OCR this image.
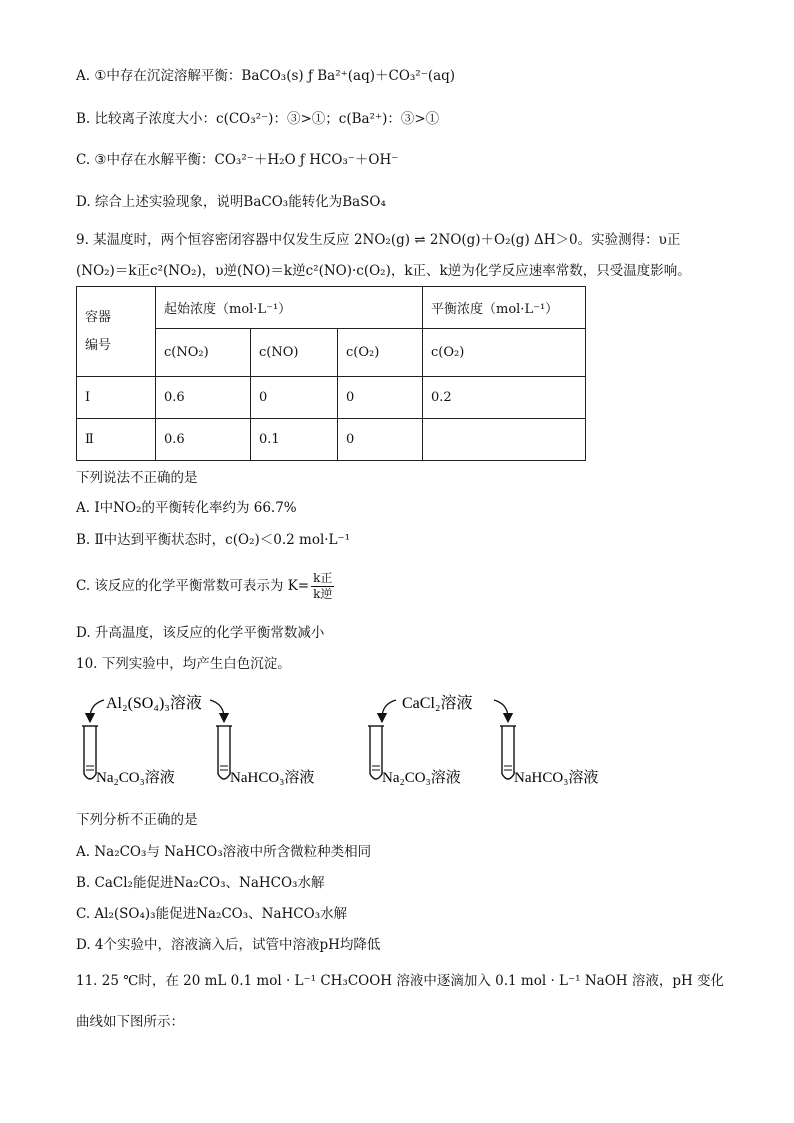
A. ①中存在沉淀溶解平衡：BaCO₃(s) ƒ Ba²⁺(aq)＋CO₃²⁻(aq)
B. 比较离子浓度大小：c(CO₃²⁻)：③>①；c(Ba²⁺)：③>①
C. ③中存在水解平衡：CO₃²⁻＋H₂O ƒ HCO₃⁻＋OH⁻
D. 综合上述实验现象，说明BaCO₃能转化为BaSO₄
9. 某温度时，两个恒容密闭容器中仅发生反应 2NO₂(g) ⇌ 2NO(g)＋O₂(g) ΔH＞0。实验测得：υ正
(NO₂)＝k正c²(NO₂)，υ逆(NO)＝k逆c²(NO)·c(O₂)，k正、k逆为化学反应速率常数，只受温度影响。
容器
编号	起始浓度（mol·L⁻¹）			平衡浓度（mol·L⁻¹）
	c(NO₂)	c(NO)	c(O₂)	c(O₂)
Ⅰ	0.6	0	0	0.2
Ⅱ	0.6	0.1	0	
下列说法不正确的是
A. Ⅰ中NO₂的平衡转化率约为 66.7%
B. Ⅱ中达到平衡状态时，c(O₂)＜0.2 mol·L⁻¹
C. 该反应的化学平衡常数可表示为 $K= \frac{\text{k正}}{\text{k逆}}$
D. 升高温度，该反应的化学平衡常数减小
10. 下列实验中，均产生白色沉淀。
Al₂(SO₄)₃溶液	CaCl₂溶液
Na₂CO₃溶液	NaHCO₃溶液	Na₂CO₃溶液	NaHCO₃溶液
下列分析不正确的是
A. Na₂CO₃与 NaHCO₃溶液中所含微粒种类相同
B. CaCl₂能促进Na₂CO₃、NaHCO₃水解
C. Al₂(SO₄)₃能促进Na₂CO₃、NaHCO₃水解
D. 4个实验中，溶液滴入后，试管中溶液pH均降低
11. 25 ℃时，在 20 mL 0.1 mol · L⁻¹ CH₃COOH 溶液中逐滴加入 0.1 mol · L⁻¹ NaOH 溶液，pH 变化
曲线如下图所示：
